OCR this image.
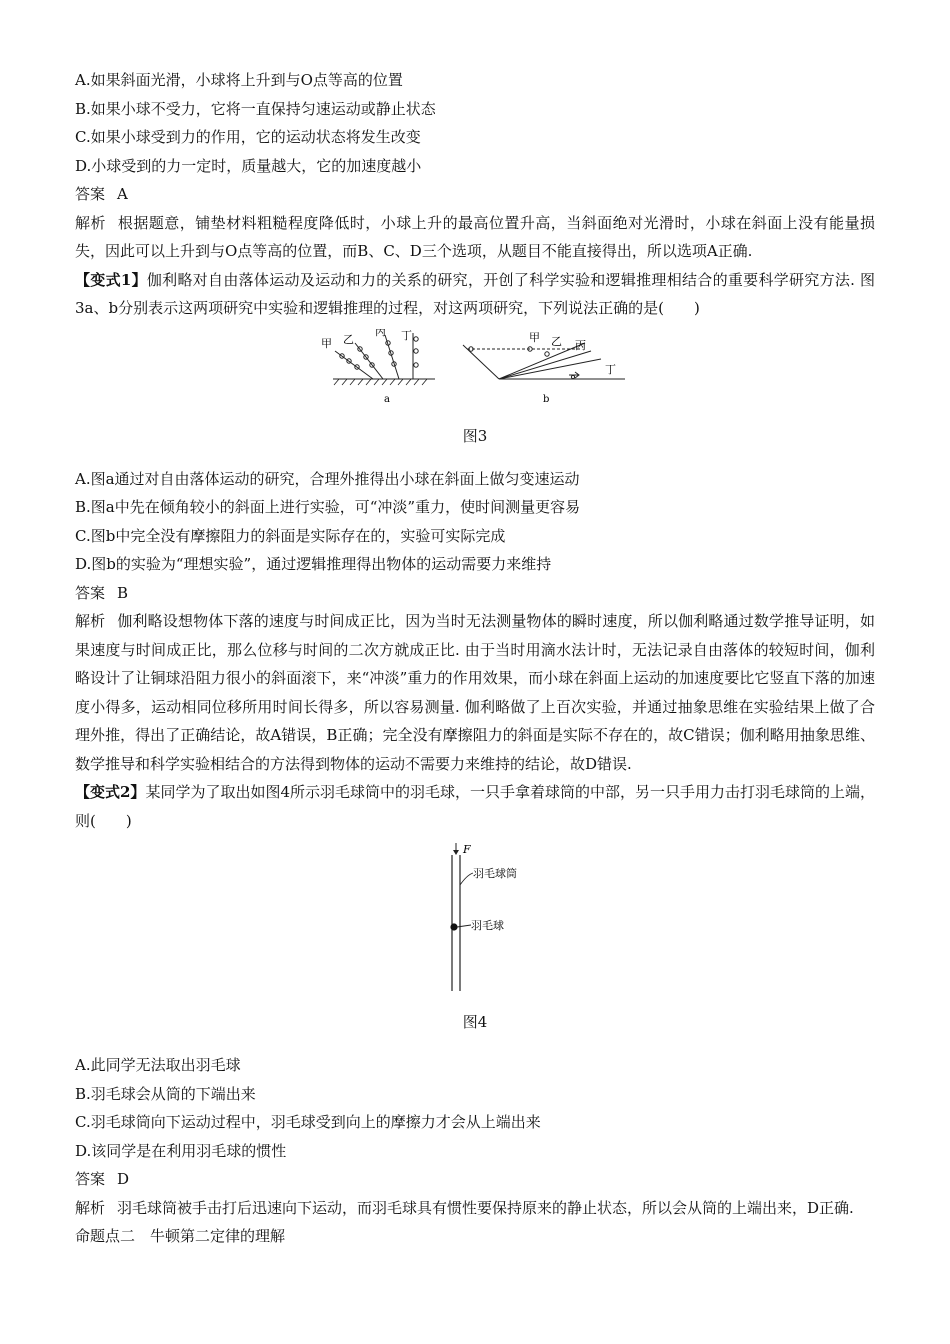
A.如果斜面光滑，小球将上升到与O点等高的位置

B.如果小球不受力，它将一直保持匀速运动或静止状态

C.如果小球受到力的作用，它的运动状态将发生改变

D.小球受到的力一定时，质量越大，它的加速度越小

答案 A

解析 根据题意，铺垫材料粗糙程度降低时，小球上升的最高位置升高，当斜面绝对光滑时，小球在斜面上没有能量损失，因此可以上升到与O点等高的位置，而B、C、D三个选项，从题目不能直接得出，所以选项A正确.

【变式1】伽利略对自由落体运动及运动和力的关系的研究，开创了科学实验和逻辑推理相结合的重要科学研究方法. 图3a、b分别表示这两项研究中实验和逻辑推理的过程，对这两项研究，下列说法正确的是(　　)

甲 乙
丙 丁
a
甲 乙 丙
丁
b

图3

A.图a通过对自由落体运动的研究，合理外推得出小球在斜面上做匀变速运动

B.图a中先在倾角较小的斜面上进行实验，可“冲淡”重力，使时间测量更容易

C.图b中完全没有摩擦阻力的斜面是实际存在的，实验可实际完成

D.图b的实验为“理想实验”，通过逻辑推理得出物体的运动需要力来维持

答案 B

解析 伽利略设想物体下落的速度与时间成正比，因为当时无法测量物体的瞬时速度，所以伽利略通过数学推导证明，如果速度与时间成正比，那么位移与时间的二次方就成正比. 由于当时用滴水法计时，无法记录自由落体的较短时间，伽利略设计了让铜球沿阻力很小的斜面滚下，来“冲淡”重力的作用效果，而小球在斜面上运动的加速度要比它竖直下落的加速度小得多，运动相同位移所用时间长得多，所以容易测量. 伽利略做了上百次实验，并通过抽象思维在实验结果上做了合理外推，得出了正确结论，故A错误，B正确；完全没有摩擦阻力的斜面是实际不存在的，故C错误；伽利略用抽象思维、数学推导和科学实验相结合的方法得到物体的运动不需要力来维持的结论，故D错误.

【变式2】某同学为了取出如图4所示羽毛球筒中的羽毛球，一只手拿着球筒的中部，另一只手用力击打羽毛球筒的上端，则(　　)

F
羽毛球筒
羽毛球

图4

A.此同学无法取出羽毛球

B.羽毛球会从筒的下端出来

C.羽毛球筒向下运动过程中，羽毛球受到向上的摩擦力才会从上端出来

D.该同学是在利用羽毛球的惯性

答案 D

解析 羽毛球筒被手击打后迅速向下运动，而羽毛球具有惯性要保持原来的静止状态，所以会从筒的上端出来，D正确.

命题点二　牛顿第二定律的理解
